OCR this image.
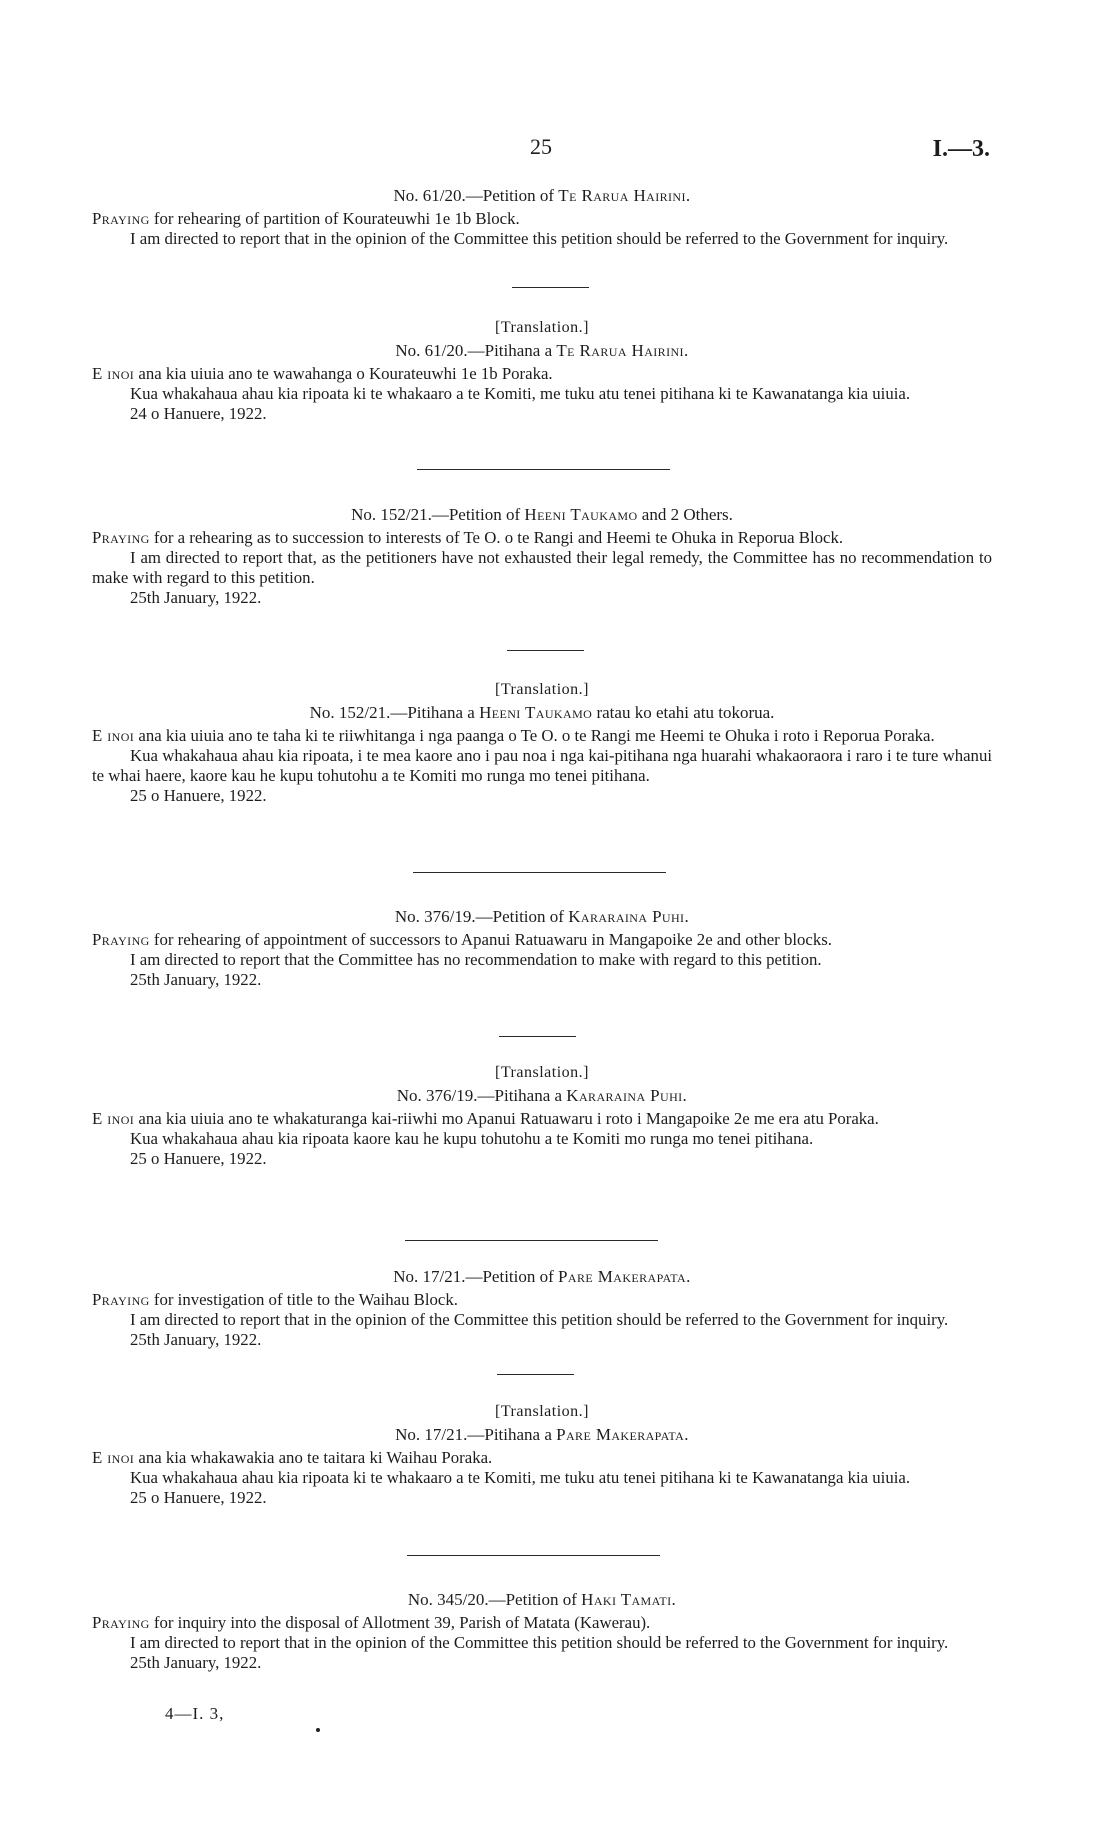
25	I.—3.

No. 61/20.—Petition of Te Rarua Hairini.

Praying for rehearing of partition of Kourateuwhi 1e 1b Block.

I am directed to report that in the opinion of the Committee this petition should be referred to the Government for inquiry.

[Translation.]

No. 61/20.—Pitihana a Te Rarua Hairini.

E inoi ana kia uiuia ano te wawahanga o Kourateuwhi 1e 1b Poraka.

Kua whakahaua ahau kia ripoata ki te whakaaro a te Komiti, me tuku atu tenei pitihana ki te Kawanatanga kia uiuia.

24 o Hanuere, 1922.

No. 152/21.—Petition of Heeni Taukamo and 2 Others.

Praying for a rehearing as to succession to interests of Te O. o te Rangi and Heemi te Ohuka in Reporua Block.

I am directed to report that, as the petitioners have not exhausted their legal remedy, the Committee has no recommendation to make with regard to this petition.

25th January, 1922.

[Translation.]

No. 152/21.—Pitihana a Heeni Taukamo ratau ko etahi atu tokorua.

E inoi ana kia uiuia ano te taha ki te riiwhitanga i nga paanga o Te O. o te Rangi me Heemi te Ohuka i roto i Reporua Poraka.

Kua whakahaua ahau kia ripoata, i te mea kaore ano i pau noa i nga kai-pitihana nga huarahi whakaoraora i raro i te ture whanui te whai haere, kaore kau he kupu tohutohu a te Komiti mo runga mo tenei pitihana.

25 o Hanuere, 1922.

No. 376/19.—Petition of Kararaina Puhi.

Praying for rehearing of appointment of successors to Apanui Ratuawaru in Mangapoike 2e and other blocks.

I am directed to report that the Committee has no recommendation to make with regard to this petition.

25th January, 1922.

[Translation.]

No. 376/19.—Pitihana a Kararaina Puhi.

E inoi ana kia uiuia ano te whakaturanga kai-riiwhi mo Apanui Ratuawaru i roto i Mangapoike 2e me era atu Poraka.

Kua whakahaua ahau kia ripoata kaore kau he kupu tohutohu a te Komiti mo runga mo tenei pitihana.

25 o Hanuere, 1922.

No. 17/21.—Petition of Pare Makerapata.

Praying for investigation of title to the Waihau Block.

I am directed to report that in the opinion of the Committee this petition should be referred to the Government for inquiry.

25th January, 1922.

[Translation.]

No. 17/21.—Pitihana a Pare Makerapata.

E inoi ana kia whakawakia ano te taitara ki Waihau Poraka.

Kua whakahaua ahau kia ripoata ki te whakaaro a te Komiti, me tuku atu tenei pitihana ki te Kawanatanga kia uiuia.

25 o Hanuere, 1922.

No. 345/20.—Petition of Haki Tamati.

Praying for inquiry into the disposal of Allotment 39, Parish of Matata (Kawerau).

I am directed to report that in the opinion of the Committee this petition should be referred to the Government for inquiry.

25th January, 1922.

4—I. 3,
